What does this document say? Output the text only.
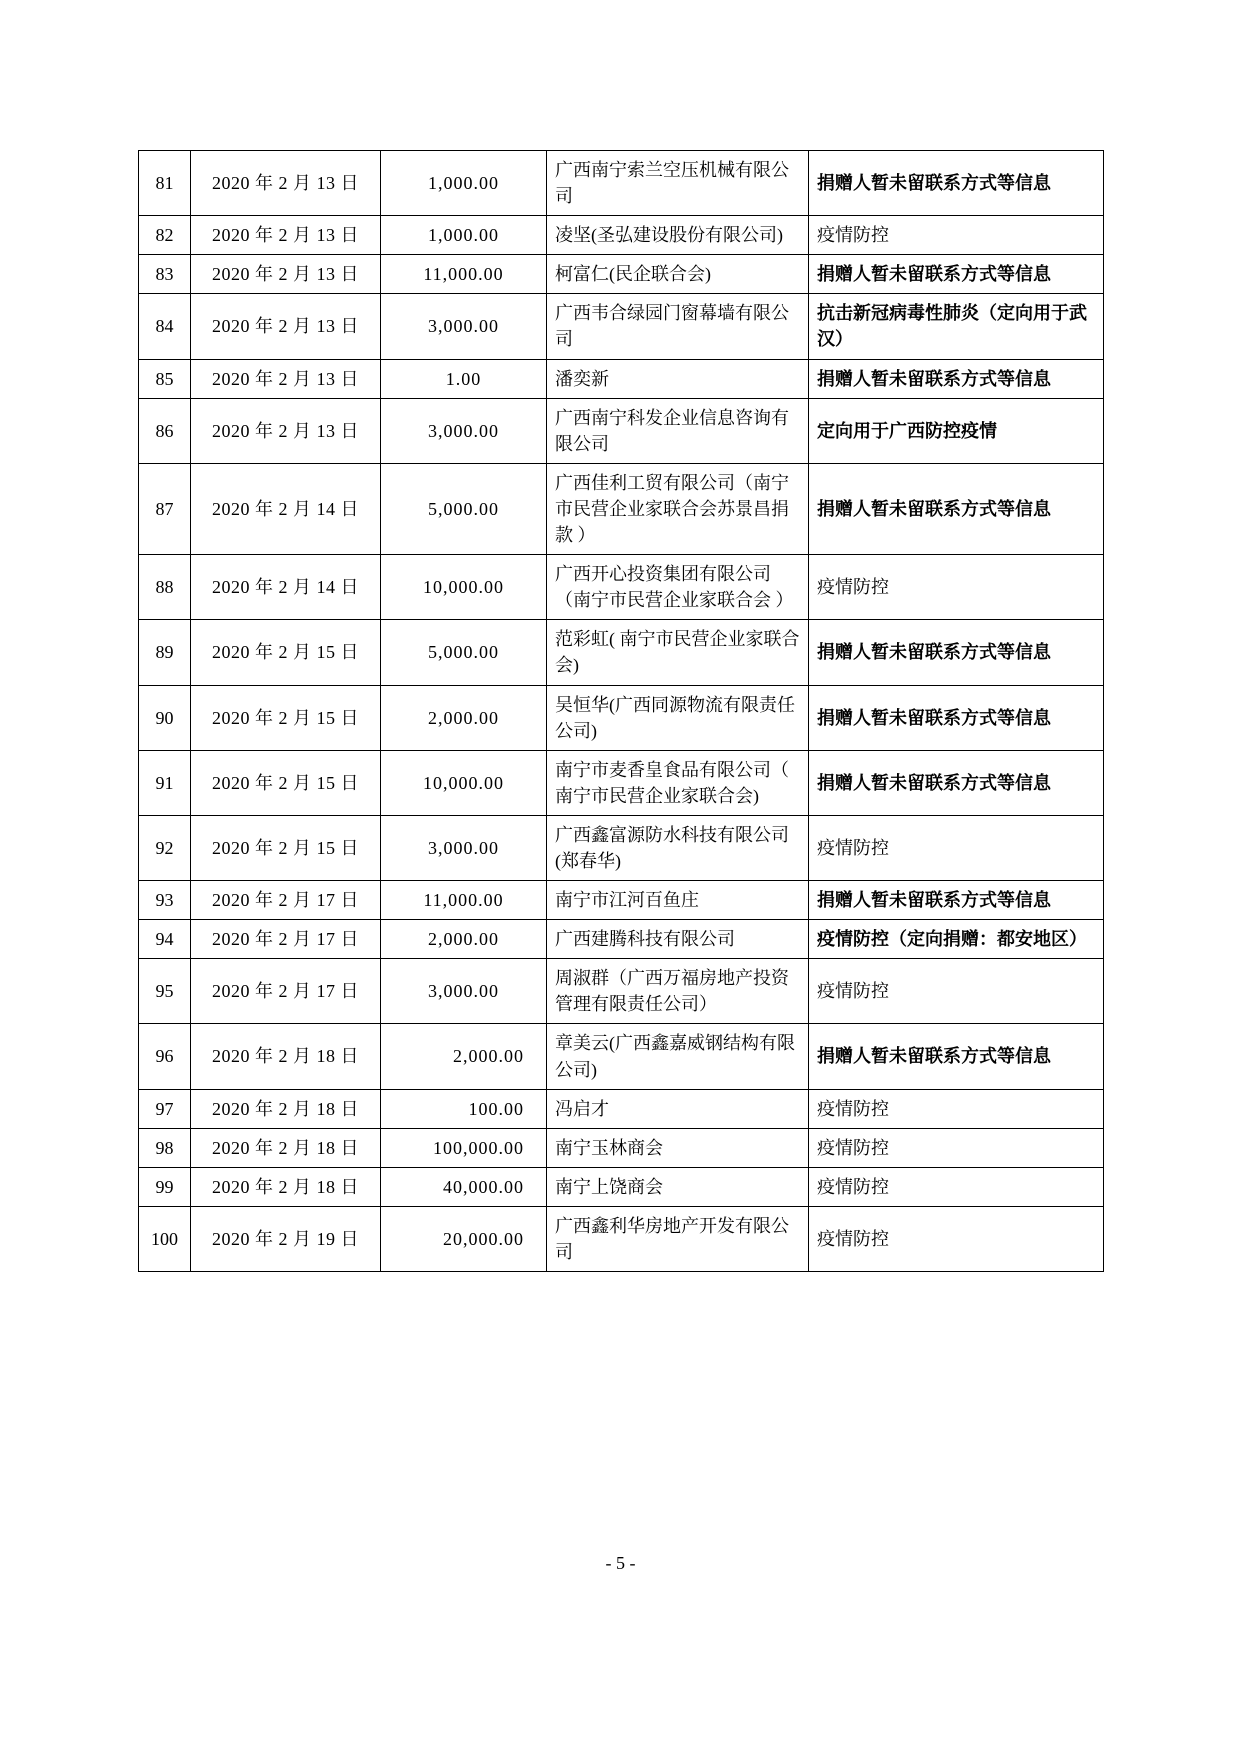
81	2020 年 2 月 13 日	1,000.00	广西南宁索兰空压机械有限公司	捐赠人暂未留联系方式等信息
82	2020 年 2 月 13 日	1,000.00	凌坚(圣弘建设股份有限公司)	疫情防控
83	2020 年 2 月 13 日	11,000.00	柯富仁(民企联合会)	捐赠人暂未留联系方式等信息
84	2020 年 2 月 13 日	3,000.00	广西韦合绿园门窗幕墙有限公司	抗击新冠病毒性肺炎（定向用于武汉）
85	2020 年 2 月 13 日	1.00	潘奕新	捐赠人暂未留联系方式等信息
86	2020 年 2 月 13 日	3,000.00	广西南宁科发企业信息咨询有限公司	定向用于广西防控疫情
87	2020 年 2 月 14 日	5,000.00	广西佳利工贸有限公司（南宁市民营企业家联合会苏景昌捐款 ）	捐赠人暂未留联系方式等信息
88	2020 年 2 月 14 日	10,000.00	广西开心投资集团有限公司（南宁市民营企业家联合会 ）	疫情防控
89	2020 年 2 月 15 日	5,000.00	范彩虹( 南宁市民营企业家联合会)	捐赠人暂未留联系方式等信息
90	2020 年 2 月 15 日	2,000.00	吴恒华(广西同源物流有限责任公司)	捐赠人暂未留联系方式等信息
91	2020 年 2 月 15 日	10,000.00	南宁市麦香皇食品有限公司（ 南宁市民营企业家联合会)	捐赠人暂未留联系方式等信息
92	2020 年 2 月 15 日	3,000.00	广西鑫富源防水科技有限公司(郑春华)	疫情防控
93	2020 年 2 月 17 日	11,000.00	南宁市江河百鱼庄	捐赠人暂未留联系方式等信息
94	2020 年 2 月 17 日	2,000.00	广西建腾科技有限公司	疫情防控（定向捐赠：都安地区）
95	2020 年 2 月 17 日	3,000.00	周淑群（广西万福房地产投资管理有限责任公司）	疫情防控
96	2020 年 2 月 18 日	2,000.00	章美云(广西鑫嘉威钢结构有限公司)	捐赠人暂未留联系方式等信息
97	2020 年 2 月 18 日	100.00	冯启才	疫情防控
98	2020 年 2 月 18 日	100,000.00	南宁玉林商会	疫情防控
99	2020 年 2 月 18 日	40,000.00	南宁上饶商会	疫情防控
100	2020 年 2 月 19 日	20,000.00	广西鑫利华房地产开发有限公司	疫情防控
- 5 -
